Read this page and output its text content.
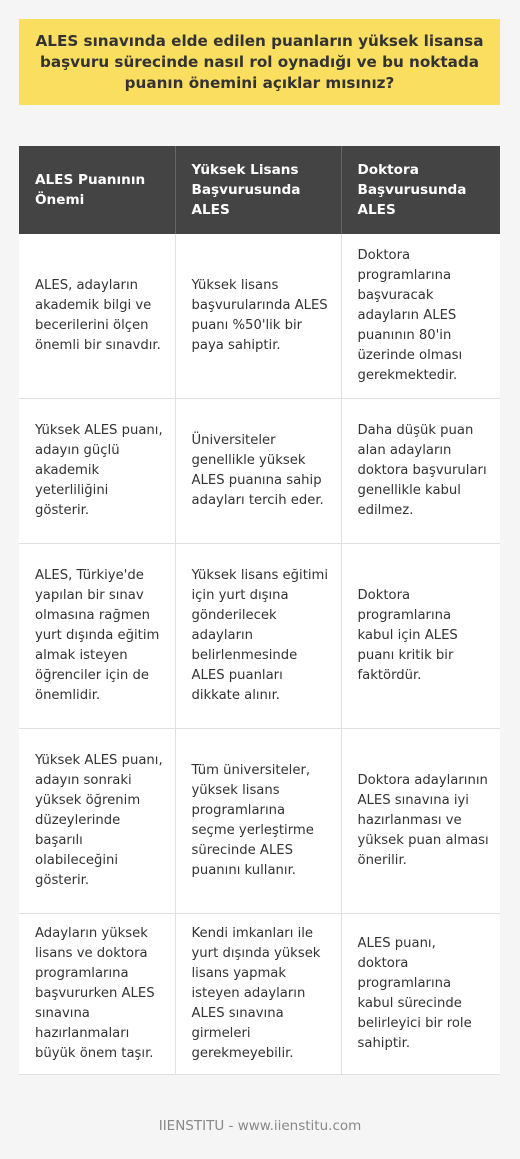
ALES sınavında elde edilen puanların yüksek lisansa başvuru sürecinde nasıl rol oynadığı ve bu noktada puanın önemini açıklar mısınız?
ALES Puanının Önemi	Yüksek Lisans Başvurusunda ALES	Doktora Başvurusunda ALES
ALES, adayların akademik bilgi ve becerilerini ölçen önemli bir sınavdır.	Yüksek lisans başvurularında ALES puanı %50'lik bir paya sahiptir.	Doktora programlarına başvuracak adayların ALES puanının 80'in üzerinde olması gerekmektedir.
Yüksek ALES puanı, adayın güçlü akademik yeterliliğini gösterir.	Üniversiteler genellikle yüksek ALES puanına sahip adayları tercih eder.	Daha düşük puan alan adayların doktora başvuruları genellikle kabul edilmez.
ALES, Türkiye'de yapılan bir sınav olmasına rağmen yurt dışında eğitim almak isteyen öğrenciler için de önemlidir.	Yüksek lisans eğitimi için yurt dışına gönderilecek adayların belirlenmesinde ALES puanları dikkate alınır.	Doktora programlarına kabul için ALES puanı kritik bir faktördür.
Yüksek ALES puanı, adayın sonraki yüksek öğrenim düzeylerinde başarılı olabileceğini gösterir.	Tüm üniversiteler, yüksek lisans programlarına seçme yerleştirme sürecinde ALES puanını kullanır.	Doktora adaylarının ALES sınavına iyi hazırlanması ve yüksek puan alması önerilir.
Adayların yüksek lisans ve doktora programlarına başvururken ALES sınavına hazırlanmaları büyük önem taşır.	Kendi imkanları ile yurt dışında yüksek lisans yapmak isteyen adayların ALES sınavına girmeleri gerekmeyebilir.	ALES puanı, doktora programlarına kabul sürecinde belirleyici bir role sahiptir.
IIENSTITU - www.iienstitu.com
